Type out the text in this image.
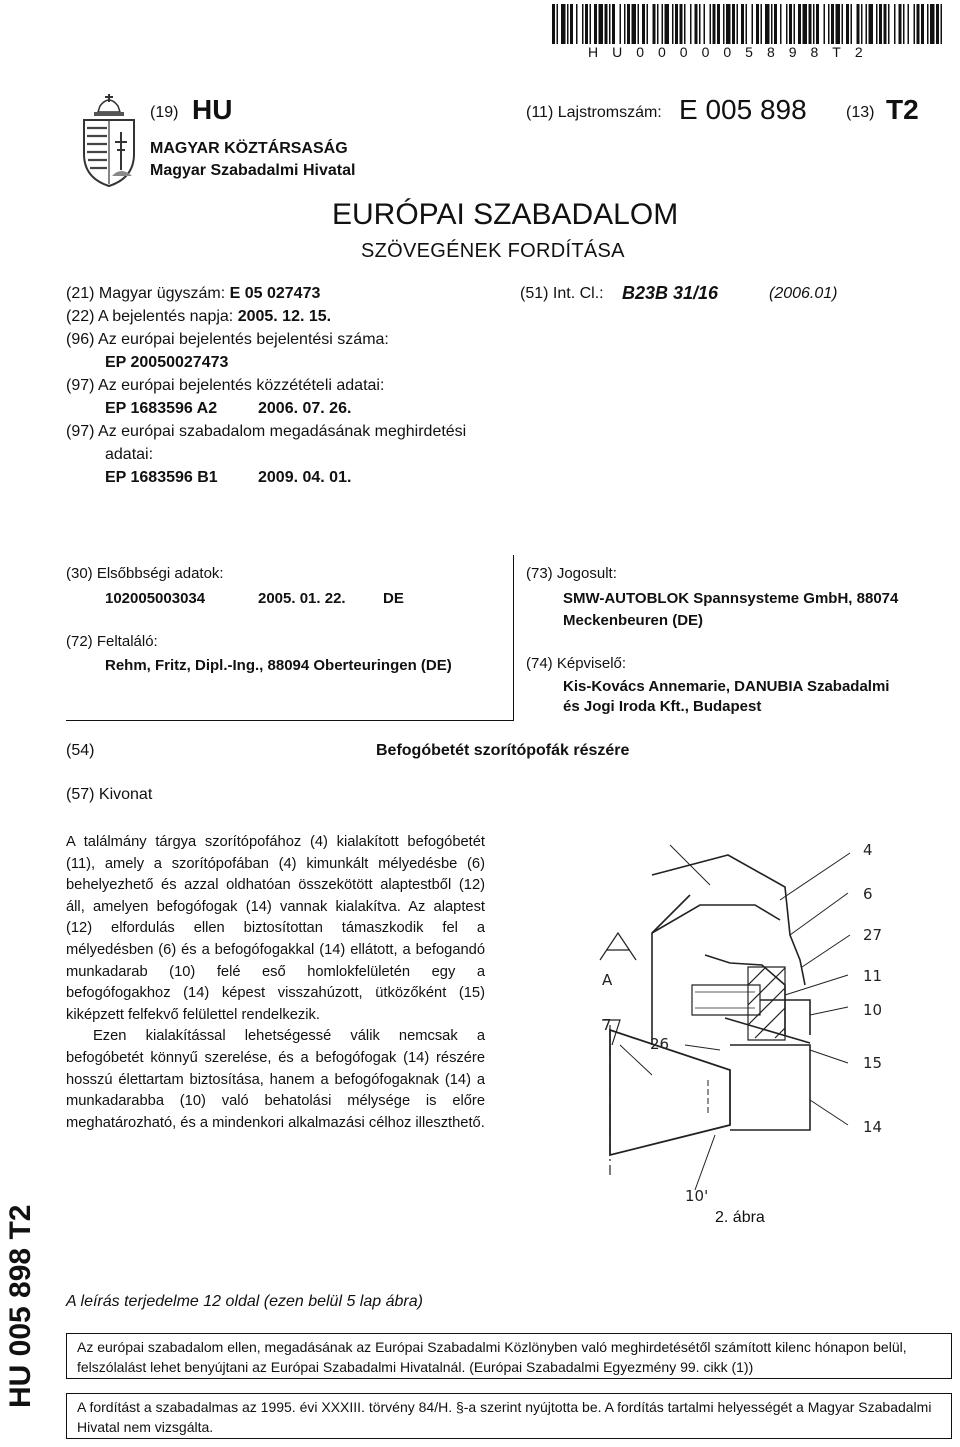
HU000005898T2
(19) HU	(11) Lajstromszám: E 005 898 (13) T2
MAGYAR KÖZTÁRSASÁG
Magyar Szabadalmi Hivatal
EURÓPAI SZABADALOM
SZÖVEGÉNEK FORDÍTÁSA
(21) Magyar ügyszám: E 05 027473
(22) A bejelentés napja: 2005. 12. 15.
(96) Az európai bejelentés bejelentési száma:
EP 20050027473
(97) Az európai bejelentés közzétételi adatai:
EP 1683596 A2	2006. 07. 26.
(97) Az európai szabadalom megadásának meghirdetési
adatai:
EP 1683596 B1	2009. 04. 01.
(51) Int. Cl.: B23B 31/16	(2006.01)
(30) Elsőbbségi adatok:
102005003034	2005. 01. 22. DE
(72) Feltaláló:
Rehm, Fritz, Dipl.-Ing., 88094 Oberteuringen (DE)
(73) Jogosult:
SMW-AUTOBLOK Spannsysteme GmbH, 88074
Meckenbeuren (DE)
(74) Képviselő:
Kis-Kovács Annemarie, DANUBIA Szabadalmi
és Jogi Iroda Kft., Budapest
(54)	Befogóbetét szorítópofák részére
(57) Kivonat

A találmány tárgya szorítópofához (4) kialakított befogóbetét (11), amely a szorítópofában (4) kimunkált mélyedésbe (6) behelyezhető és azzal oldhatóan összekötött alaptestből (12) áll, amelyen befogófogak (14) vannak kialakítva. Az alaptest (12) elfordulás ellen biztosítottan támaszkodik fel a mélyedésben (6) és a befogófogakkal (14) ellátott, a befogandó munkadarab (10) felé eső homlokfelületén egy a befogófogakhoz (14) képest visszahúzott, ütközőként (15) kiképzett felfekvő felülettel rendelkezik.

Ezen kialakítással lehetségessé válik nemcsak a befogóbetét könnyű szerelése, és a befogófogak (14) részére hosszú élettartam biztosítása, hanem a befogófogaknak (14) a munkadarabba (10) való behatolási mélysége is előre meghatározható, és a mindenkori alkalmazási célhoz illeszthető.

4
6
27
11
10
15
14
A
7
26
10'
2. ábra
A leírás terjedelme 12 oldal (ezen belül 5 lap ábra)
Az európai szabadalom ellen, megadásának az Európai Szabadalmi Közlönyben való meghirdetésétől számított kilenc hónapon belül, felszólalást lehet benyújtani az Európai Szabadalmi Hivatalnál. (Európai Szabadalmi Egyezmény 99. cikk (1))
A fordítást a szabadalmas az 1995. évi XXXIII. törvény 84/H. §-a szerint nyújtotta be. A fordítás tartalmi helyességét a Magyar Szabadalmi Hivatal nem vizsgálta.
HU 005 898 T2
